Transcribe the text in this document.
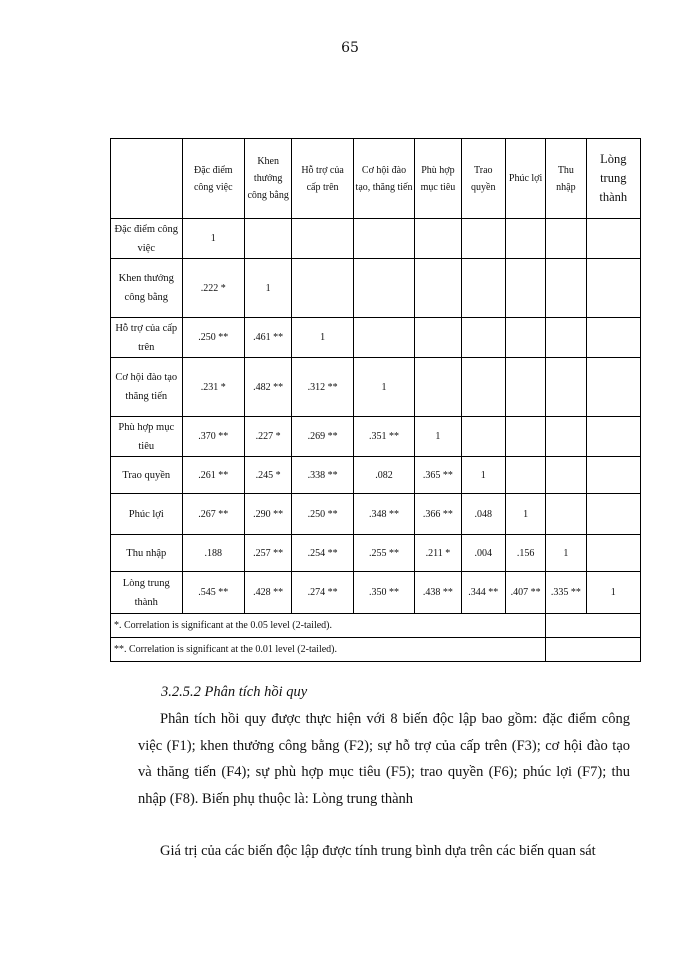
65
	Đặc điểm công việc	Khen thưởng công bằng	Hỗ trợ của cấp trên	Cơ hội đào tạo, thăng tiến	Phù hợp mục tiêu	Trao quyền	Phúc lợi	Thu nhập	Lòng trung thành
Đặc điểm công việc	1								
Khen thưởng công bằng	.222 *	1							
Hỗ trợ của cấp trên	.250 **	.461 **	1						
Cơ hội đào tạo thăng tiến	.231 *	.482 **	.312 **	1					
Phù hợp mục tiêu	.370 **	.227 *	.269 **	.351 **	1				
Trao quyền	.261 **	.245 *	.338 **	.082	.365 **	1			
Phúc lợi	.267 **	.290 **	.250 **	.348 **	.366 **	.048	1		
Thu nhập	.188	.257 **	.254 **	.255 **	.211 *	.004	.156	1	
Lòng trung thành	.545 **	.428 **	.274 **	.350 **	.438 **	.344 **	.407 **	.335 **	1
*. Correlation is significant at the 0.05 level (2-tailed).									
**. Correlation is significant at the 0.01 level (2-tailed).									
3.2.5.2 Phân tích hồi quy
Phân tích hồi quy được thực hiện với 8 biến độc lập bao gồm: đặc điểm công việc (F1); khen thưởng công bằng (F2); sự hỗ trợ của cấp trên (F3); cơ hội đào tạo và thăng tiến (F4); sự phù hợp mục tiêu (F5); trao quyền (F6); phúc lợi (F7); thu nhập (F8). Biến phụ thuộc là: Lòng trung thành
Giá trị của các biến độc lập được tính trung bình dựa trên các biến quan sát
